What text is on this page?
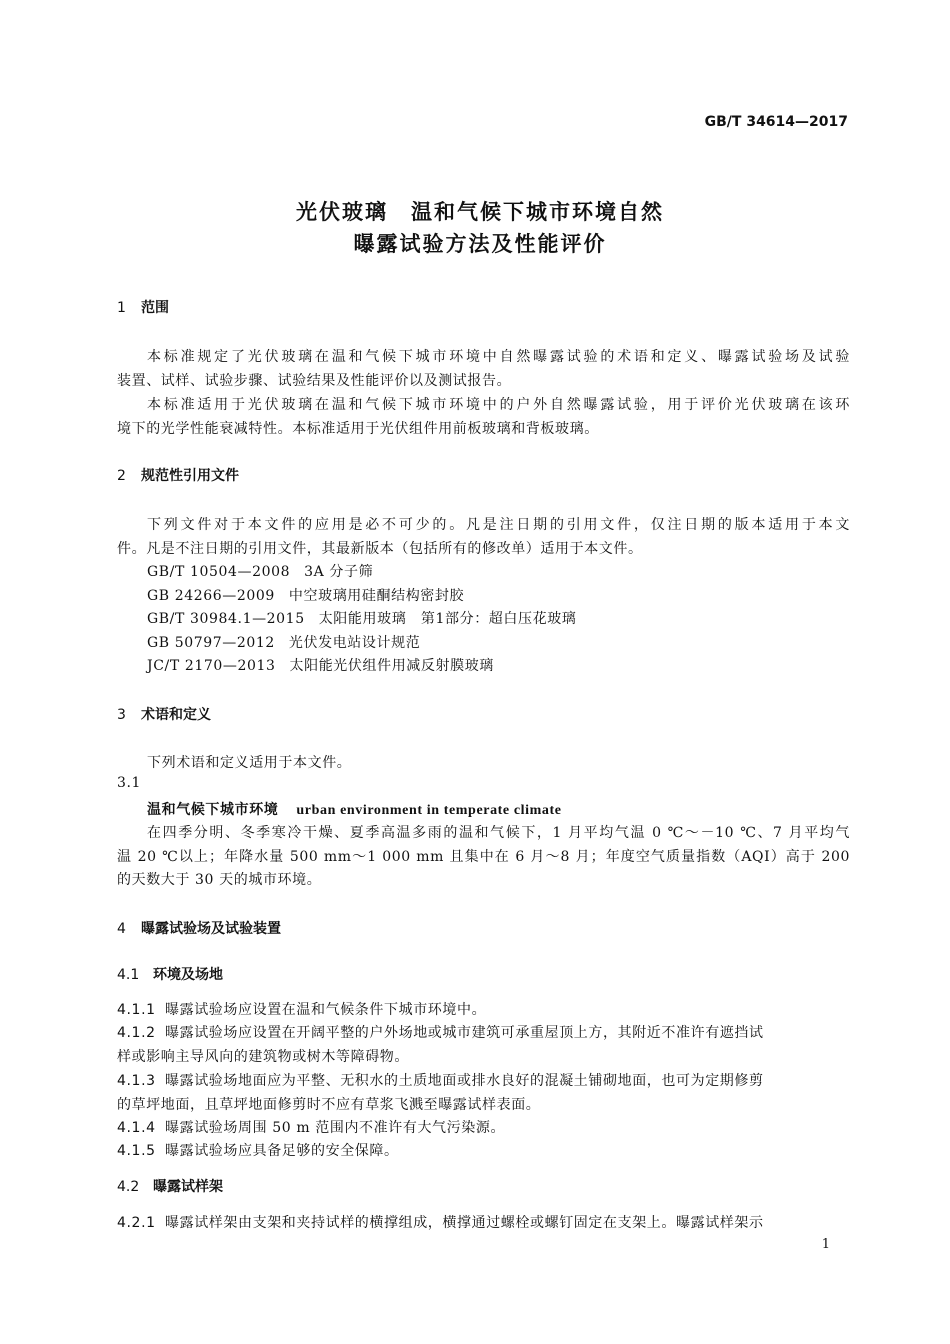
GB/T 34614—2017
光伏玻璃　温和气候下城市环境自然
曝露试验方法及性能评价
1 范围
本标准规定了光伏玻璃在温和气候下城市环境中自然曝露试验的术语和定义、曝露试验场及试验
装置、试样、试验步骤、试验结果及性能评价以及测试报告。
本标准适用于光伏玻璃在温和气候下城市环境中的户外自然曝露试验，用于评价光伏玻璃在该环
境下的光学性能衰减特性。本标准适用于光伏组件用前板玻璃和背板玻璃。
2 规范性引用文件
下列文件对于本文件的应用是必不可少的。凡是注日期的引用文件，仅注日期的版本适用于本文
件。凡是不注日期的引用文件，其最新版本（包括所有的修改单）适用于本文件。
GB/T 10504—2008 3A 分子筛
GB 24266—2009 中空玻璃用硅酮结构密封胶
GB/T 30984.1—2015 太阳能用玻璃　第1部分：超白压花玻璃
GB 50797—2012 光伏发电站设计规范
JC/T 2170—2013 太阳能光伏组件用减反射膜玻璃
3 术语和定义
下列术语和定义适用于本文件。
3.1
温和气候下城市环境 urban environment in temperate climate
在四季分明、冬季寒冷干燥、夏季高温多雨的温和气候下，1 月平均气温 0 ℃～－10 ℃、7 月平均气
温 20 ℃以上；年降水量 500 mm～1 000 mm 且集中在 6 月～8 月；年度空气质量指数（AQI）高于 200
的天数大于 30 天的城市环境。
4 曝露试验场及试验装置
4.1 环境及场地
4.1.1 曝露试验场应设置在温和气候条件下城市环境中。
4.1.2 曝露试验场应设置在开阔平整的户外场地或城市建筑可承重屋顶上方，其附近不准许有遮挡试
样或影响主导风向的建筑物或树木等障碍物。
4.1.3 曝露试验场地面应为平整、无积水的土质地面或排水良好的混凝土铺砌地面，也可为定期修剪
的草坪地面，且草坪地面修剪时不应有草浆飞溅至曝露试样表面。
4.1.4 曝露试验场周围 50 m 范围内不准许有大气污染源。
4.1.5 曝露试验场应具备足够的安全保障。
4.2 曝露试样架
4.2.1 曝露试样架由支架和夹持试样的横撑组成，横撑通过螺栓或螺钉固定在支架上。曝露试样架示
1
